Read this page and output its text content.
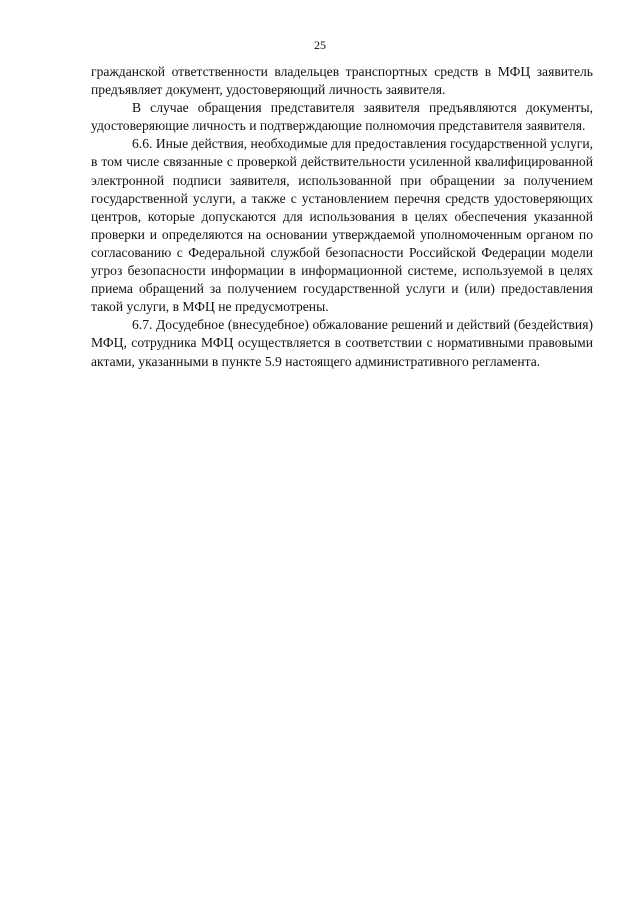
25

гражданской ответственности владельцев транспортных средств в МФЦ заявитель предъявляет документ, удостоверяющий личность заявителя.

В случае обращения представителя заявителя предъявляются документы, удостоверяющие личность и подтверждающие полномочия представителя заявителя.

6.6. Иные действия, необходимые для предоставления государственной услуги, в том числе связанные с проверкой действительности усиленной квалифицированной электронной подписи заявителя, использованной при обращении за получением государственной услуги, а также с установлением перечня средств удостоверяющих центров, которые допускаются для использования в целях обеспечения указанной проверки и определяются на основании утверждаемой уполномоченным органом по согласованию с Федеральной службой безопасности Российской Федерации модели угроз безопасности информации в информационной системе, используемой в целях приема обращений за получением государственной услуги и (или) предоставления такой услуги, в МФЦ не предусмотрены.

6.7. Досудебное (внесудебное) обжалование решений и действий (бездействия) МФЦ, сотрудника МФЦ осуществляется в соответствии с нормативными правовыми актами, указанными в пункте 5.9 настоящего административного регламента.
